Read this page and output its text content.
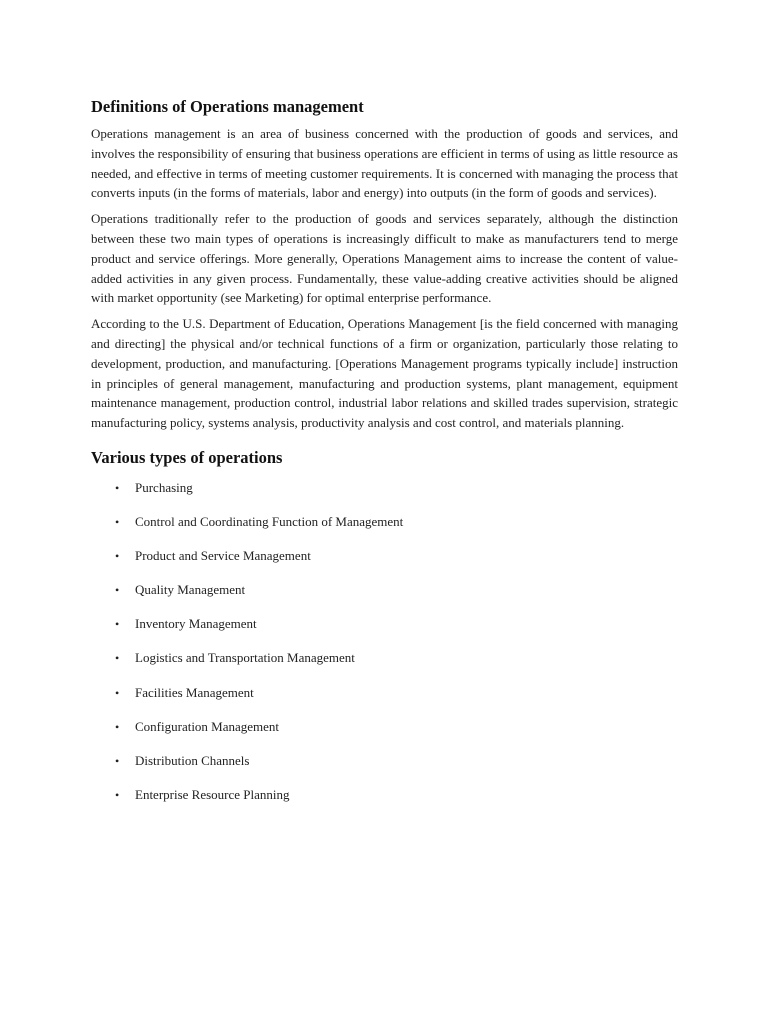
Definitions of Operations management

Operations management is an area of business concerned with the production of goods and services, and involves the responsibility of ensuring that business operations are efficient in terms of using as little resource as needed, and effective in terms of meeting customer requirements. It is concerned with managing the process that converts inputs (in the forms of materials, labor and energy) into outputs (in the form of goods and services).

Operations traditionally refer to the production of goods and services separately, although the distinction between these two main types of operations is increasingly difficult to make as manufacturers tend to merge product and service offerings. More generally, Operations Management aims to increase the content of value-added activities in any given process. Fundamentally, these value-adding creative activities should be aligned with market opportunity (see Marketing) for optimal enterprise performance.

According to the U.S. Department of Education, Operations Management [is the field concerned with managing and directing] the physical and/or technical functions of a firm or organization, particularly those relating to development, production, and manufacturing. [Operations Management programs typically include] instruction in principles of general management, manufacturing and production systems, plant management, equipment maintenance management, production control, industrial labor relations and skilled trades supervision, strategic manufacturing policy, systems analysis, productivity analysis and cost control, and materials planning.

Various types of operations
• Purchasing
• Control and Coordinating Function of Management
• Product and Service Management
• Quality Management
• Inventory Management
• Logistics and Transportation Management
• Facilities Management
• Configuration Management
• Distribution Channels
• Enterprise Resource Planning
